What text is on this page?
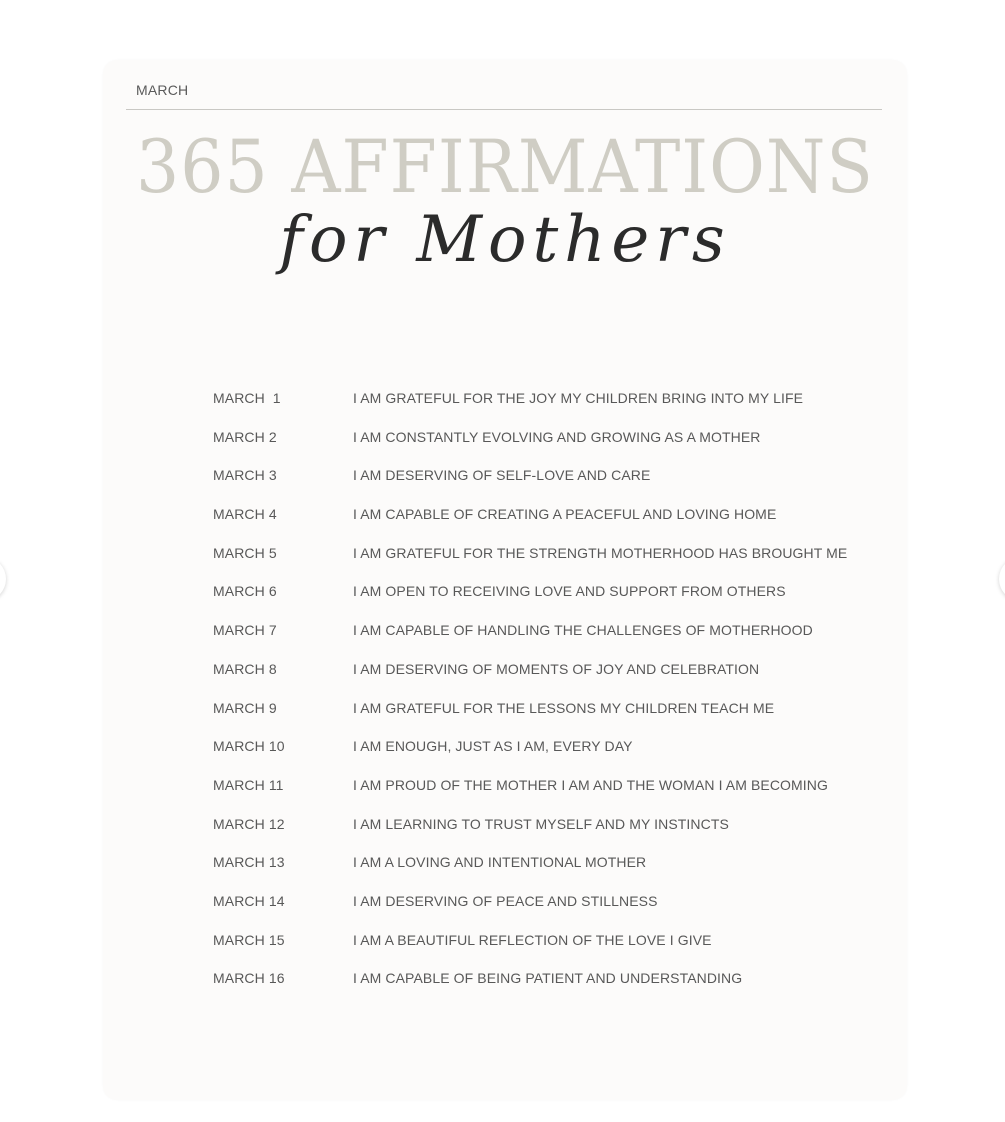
MARCH
365 AFFIRMATIONS
for Mothers
MARCH  1	I AM GRATEFUL FOR THE JOY MY CHILDREN BRING INTO MY LIFE
MARCH 2	I AM CONSTANTLY EVOLVING AND GROWING AS A MOTHER
MARCH 3	I AM DESERVING OF SELF-LOVE AND CARE
MARCH 4	I AM CAPABLE OF CREATING A PEACEFUL AND LOVING HOME
MARCH 5	I AM GRATEFUL FOR THE STRENGTH MOTHERHOOD HAS BROUGHT ME
MARCH 6	I AM OPEN TO RECEIVING LOVE AND SUPPORT FROM OTHERS
MARCH 7	I AM CAPABLE OF HANDLING THE CHALLENGES OF MOTHERHOOD
MARCH 8	I AM DESERVING OF MOMENTS OF JOY AND CELEBRATION
MARCH 9	I AM GRATEFUL FOR THE LESSONS MY CHILDREN TEACH ME
MARCH 10	I AM ENOUGH, JUST AS I AM, EVERY DAY
MARCH 11	I AM PROUD OF THE MOTHER I AM AND THE WOMAN I AM BECOMING
MARCH 12	I AM LEARNING TO TRUST MYSELF AND MY INSTINCTS
MARCH 13	I AM A LOVING AND INTENTIONAL MOTHER
MARCH 14	I AM DESERVING OF PEACE AND STILLNESS
MARCH 15	I AM A BEAUTIFUL REFLECTION OF THE LOVE I GIVE
MARCH 16	I AM CAPABLE OF BEING PATIENT AND UNDERSTANDING
